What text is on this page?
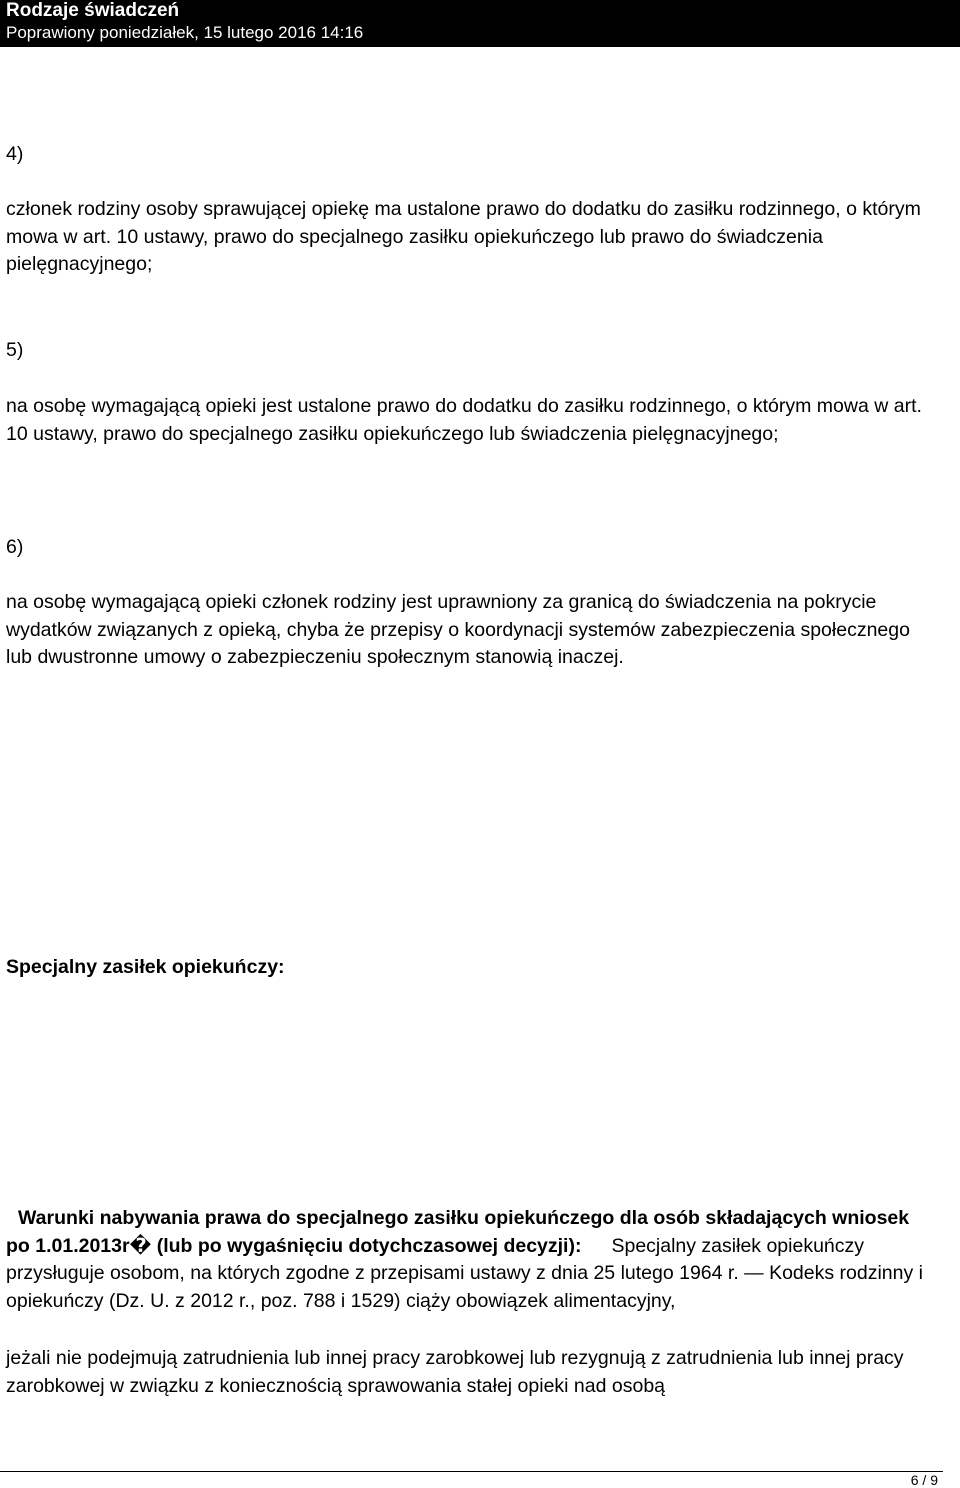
Rodzaje świadczeń
Poprawiony poniedziałek, 15 lutego 2016 14:16

4)

członek rodziny osoby sprawującej opiekę ma ustalone prawo do dodatku do zasiłku rodzinnego, o którym mowa w art. 10 ustawy, prawo do specjalnego zasiłku opiekuńczego lub prawo do świadczenia pielęgnacyjnego;

5)

na osobę wymagającą opieki jest ustalone prawo do dodatku do zasiłku rodzinnego, o którym mowa w art. 10 ustawy, prawo do specjalnego zasiłku opiekuńczego lub świadczenia pielęgnacyjnego;

6)

na osobę wymagającą opieki członek rodziny jest uprawniony za granicą do świadczenia na pokrycie wydatków związanych z opieką, chyba że przepisy o koordynacji systemów zabezpieczenia społecznego lub dwustronne umowy o zabezpieczeniu społecznym stanowią inaczej.

Specjalny zasiłek opiekuńczy:

Warunki nabywania prawa do specjalnego zasiłku opiekuńczego dla osób składających wniosek po 1.01.2013r� (lub po wygaśnięciu dotychczasowej decyzji): Specjalny zasiłek opiekuńczy przysługuje osobom, na których zgodne z przepisami ustawy z dnia 25 lutego 1964 r. — Kodeks rodzinny i opiekuńczy (Dz. U. z 2012 r., poz. 788 i 1529) ciąży obowiązek alimentacyjny,

jeżali nie podejmują zatrudnienia lub innej pracy zarobkowej lub rezygnują z zatrudnienia lub innej pracy zarobkowej w związku z koniecznością sprawowania stałej opieki nad osobą

6 / 9
